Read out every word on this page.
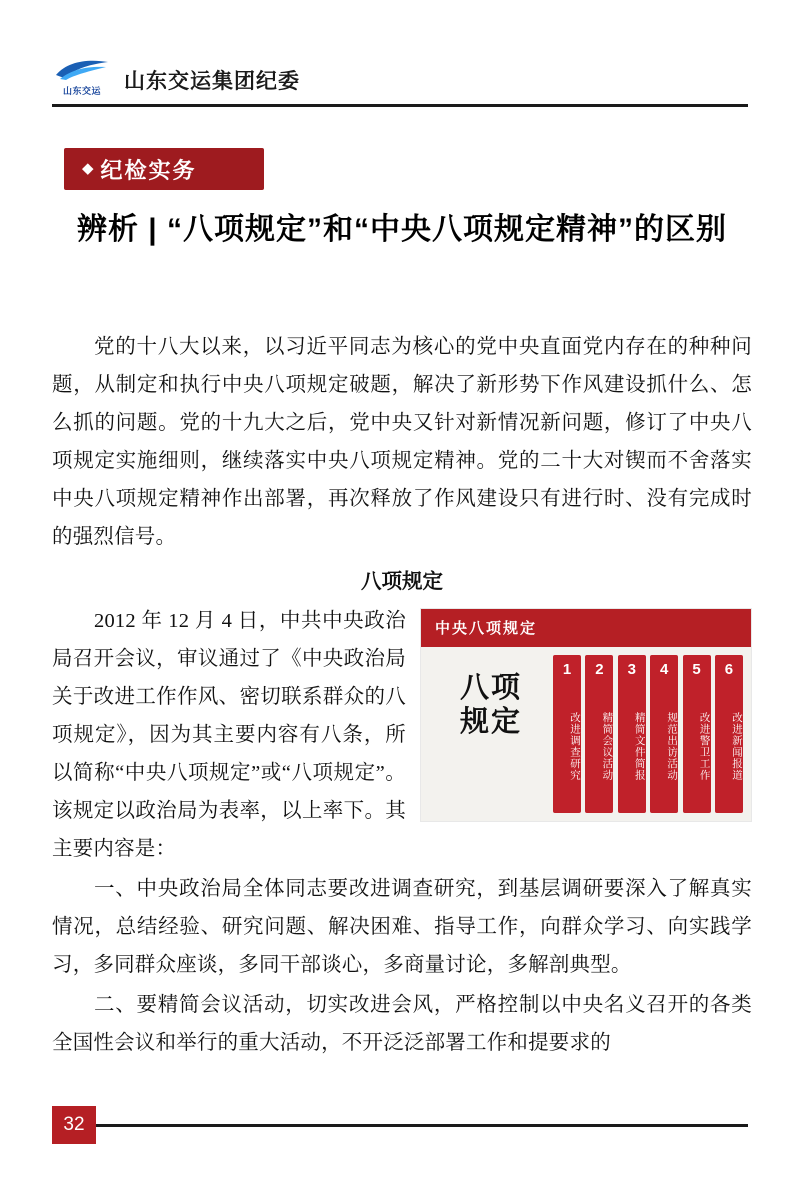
山东交运	山东交运集团纪委
◆ 纪检实务
辨析 | “八项规定”和“中央八项规定精神”的区别

党的十八大以来，以习近平同志为核心的党中央直面党内存在的种种问题，从制定和执行中央八项规定破题，解决了新形势下作风建设抓什么、怎么抓的问题。党的十九大之后，党中央又针对新情况新问题，修订了中央八项规定实施细则，继续落实中央八项规定精神。党的二十大对锲而不舍落实中央八项规定精神作出部署，再次释放了作风建设只有进行时、没有完成时的强烈信号。

八项规定
中央八项规定
八项
规定
1
改进调查研究
2
精简会议活动
3
精简文件简报
4
规范出访活动
5
改进警卫工作
6
改进新闻报道

2012 年 12 月 4 日，中共中央政治局召开会议，审议通过了《中央政治局关于改进工作作风、密切联系群众的八项规定》，因为其主要内容有八条，所以简称“中央八项规定”或“八项规定”。该规定以政治局为表率，以上率下。其主要内容是：

一、中央政治局全体同志要改进调查研究，到基层调研要深入了解真实情况，总结经验、研究问题、解决困难、指导工作，向群众学习、向实践学习，多同群众座谈，多同干部谈心，多商量讨论，多解剖典型。

二、要精简会议活动，切实改进会风，严格控制以中央名义召开的各类全国性会议和举行的重大活动，不开泛泛部署工作和提要求的

32
